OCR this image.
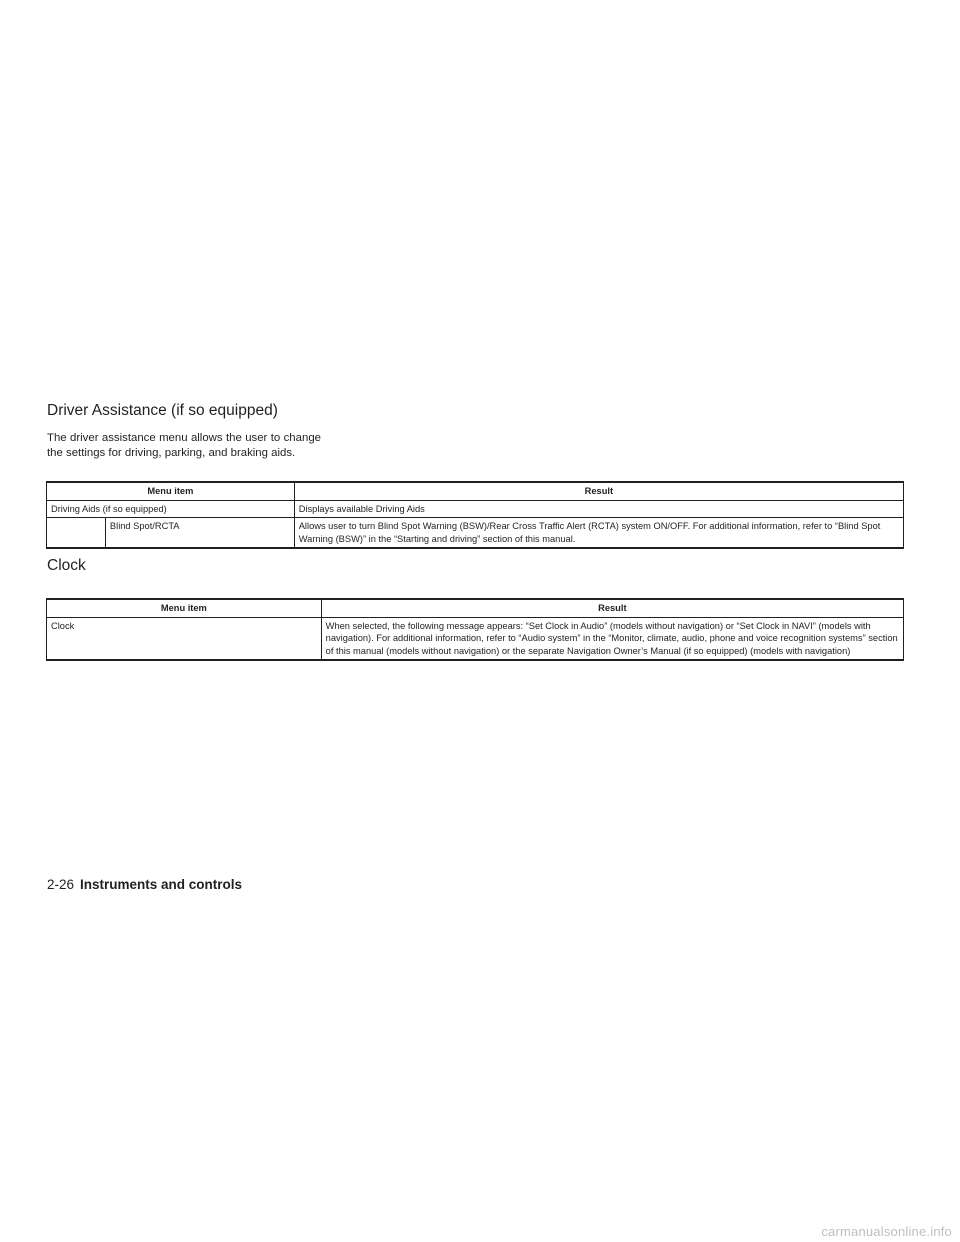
Driver Assistance (if so equipped)

The driver assistance menu allows the user to change the settings for driving, parking, and braking aids.

Menu item		Result
Driving Aids (if so equipped)		Displays available Driving Aids
	Blind Spot/RCTA	Allows user to turn Blind Spot Warning (BSW)/Rear Cross Traffic Alert (RCTA) system ON/OFF. For additional information, refer to “Blind Spot Warning (BSW)” in the “Starting and driving” section of this manual.
Clock
Menu item	Result
Clock	When selected, the following message appears: “Set Clock in Audio” (models without navigation) or “Set Clock in NAVI” (models with navigation). For additional information, refer to “Audio system” in the “Monitor, climate, audio, phone and voice recognition systems” section of this manual (models without navigation) or the separate Navigation Owner’s Manual (if so equipped) (models with navigation)

2-26 Instruments and controls

carmanualsonline.info
